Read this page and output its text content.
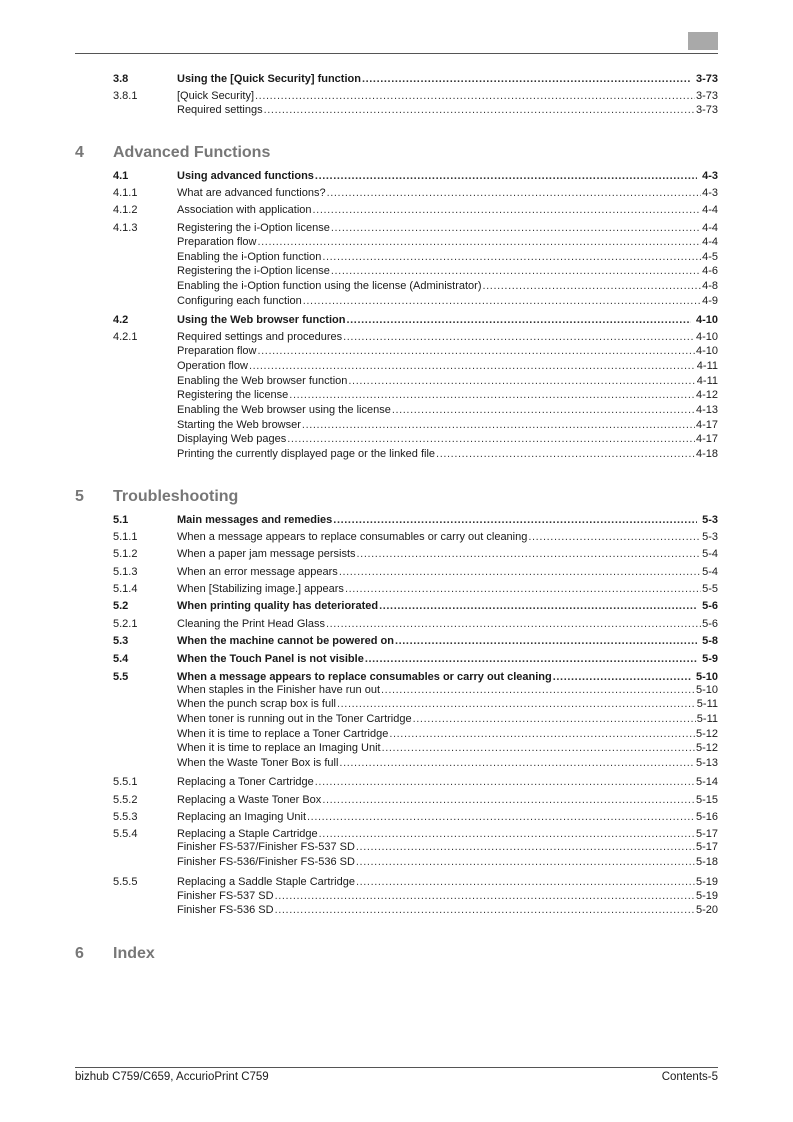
4 Advanced Functions
5 Troubleshooting
6 Index
3.8	Using the [Quick Security] function .....	3-73
3.8.1	[Quick Security] .....	3-73
Required settings .....	3-73
4.1	Using advanced functions .....	4-3
4.1.1	What are advanced functions? .....	4-3
4.1.2	Association with application .....	4-4
4.1.3	Registering the i-Option license .....	4-4
Preparation flow .....	4-4
Enabling the i-Option function .....	4-5
Registering the i-Option license .....	4-6
Enabling the i-Option function using the license (Administrator) .....	4-8
Configuring each function .....	4-9
4.2	Using the Web browser function .....	4-10
4.2.1	Required settings and procedures .....	4-10
Preparation flow .....	4-10
Operation flow .....	4-11
Enabling the Web browser function .....	4-11
Registering the license .....	4-12
Enabling the Web browser using the license .....	4-13
Starting the Web browser .....	4-17
Displaying Web pages .....	4-17
Printing the currently displayed page or the linked file .....	4-18
5.1	Main messages and remedies .....	5-3
5.1.1	When a message appears to replace consumables or carry out cleaning .....	5-3
5.1.2	When a paper jam message persists .....	5-4
5.1.3	When an error message appears .....	5-4
5.1.4	When [Stabilizing image.] appears .....	5-5
5.2	When printing quality has deteriorated .....	5-6
5.2.1	Cleaning the Print Head Glass .....	5-6
5.3	When the machine cannot be powered on .....	5-8
5.4	When the Touch Panel is not visible .....	5-9
5.5	When a message appears to replace consumables or carry out cleaning .....	5-10
When staples in the Finisher have run out .....	5-10
When the punch scrap box is full .....	5-11
When toner is running out in the Toner Cartridge .....	5-11
When it is time to replace a Toner Cartridge .....	5-12
When it is time to replace an Imaging Unit .....	5-12
When the Waste Toner Box is full .....	5-13
5.5.1	Replacing a Toner Cartridge .....	5-14
5.5.2	Replacing a Waste Toner Box .....	5-15
5.5.3	Replacing an Imaging Unit .....	5-16
5.5.4	Replacing a Staple Cartridge .....	5-17
Finisher FS-537/Finisher FS-537 SD .....	5-17
Finisher FS-536/Finisher FS-536 SD .....	5-18
5.5.5	Replacing a Saddle Staple Cartridge .....	5-19
Finisher FS-537 SD .....	5-19
Finisher FS-536 SD .....	5-20
bizhub C759/C659, AccurioPrint C759	Contents-5
